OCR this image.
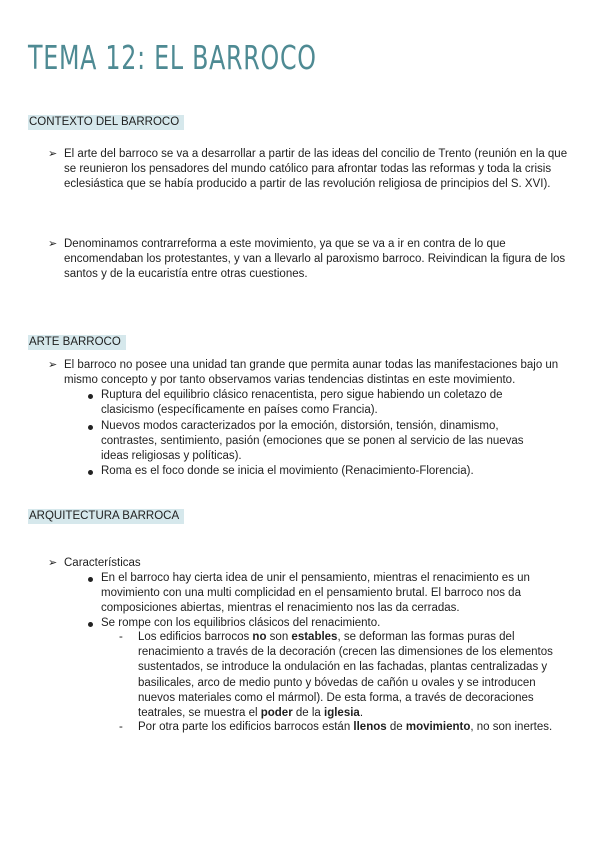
TEMA 12: EL BARROCO
CONTEXTO DEL BARROCO
➢ El arte del barroco se va a desarrollar a partir de las ideas del concilio de Trento (reunión en la que se reunieron los pensadores del mundo católico para afrontar todas las reformas y toda la crisis eclesiástica que se había producido a partir de las revolución religiosa de principios del S. XVI).

➢ Denominamos contrarreforma a este movimiento, ya que se va a ir en contra de lo que encomendaban los protestantes, y van a llevarlo al paroxismo barroco. Reivindican la figura de los santos y de la eucaristía entre otras cuestiones.

ARTE BARROCO
➢ El barroco no posee una unidad tan grande que permita aunar todas las manifestaciones bajo un mismo concepto y por tanto observamos varias tendencias distintas en este movimiento.

Ruptura del equilibrio clásico renacentista, pero sigue habiendo un coletazo de clasicismo (específicamente en países como Francia).

Nuevos modos caracterizados por la emoción, distorsión, tensión, dinamismo, contrastes, sentimiento, pasión (emociones que se ponen al servicio de las nuevas ideas religiosas y políticas).

Roma es el foco donde se inicia el movimiento (Renacimiento-Florencia).

ARQUITECTURA BARROCA
➢ Características

En el barroco hay cierta idea de unir el pensamiento, mientras el renacimiento es un movimiento con una multi complicidad en el pensamiento brutal. El barroco nos da composiciones abiertas, mientras el renacimiento nos las da cerradas.

Se rompe con los equilibrios clásicos del renacimiento.

- Los edificios barrocos no son estables, se deforman las formas puras del renacimiento a través de la decoración (crecen las dimensiones de los elementos sustentados, se introduce la ondulación en las fachadas, plantas centralizadas y basilicales, arco de medio punto y bóvedas de cañón u ovales y se introducen nuevos materiales como el mármol). De esta forma, a través de decoraciones teatrales, se muestra el poder de la iglesia.

- Por otra parte los edificios barrocos están llenos de movimiento, no son inertes.
